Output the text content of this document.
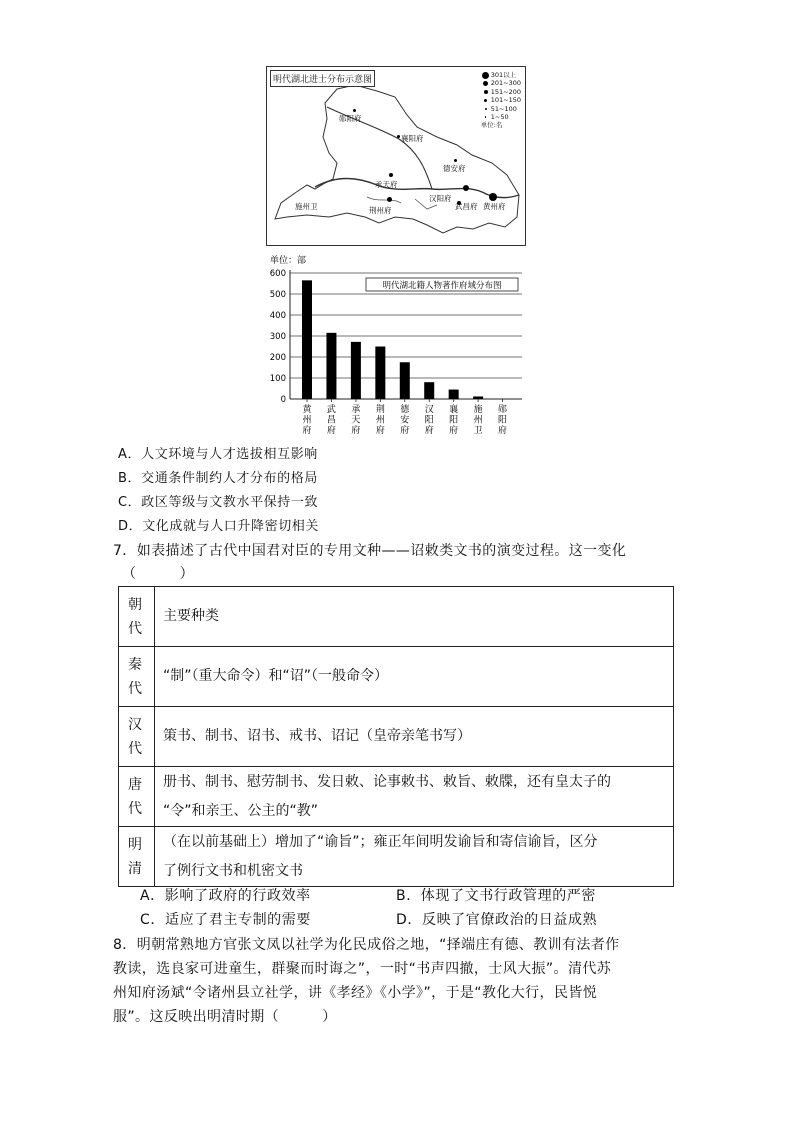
明代湖北进士分布示意图	301以上
201~300
151~200
101~150
51~100
1~50
单位:名
郧阳府
襄阳府
德安府
承天府
汉阳府
武昌府 黄州府
施州卫	荆州府
单位：部
0
100
200
300
400
500
600
明代湖北籍人物著作府域分布图
黄州府
武昌府
承天府
荆州府
德安府
汉阳府
襄阳府
施州卫
郧阳府
A．人文环境与人才选拔相互影响
B．交通条件制约人才分布的格局
C．政区等级与文教水平保持一致
D．文化成就与人口升降密切相关
7．如表描述了古代中国君对臣的专用文种——诏敕类文书的演变过程。这一变化
（　　　）
朝代	主要种类

秦代	“制”（重大命令）和“诏”（一般命令）

汉代	策书、制书、诏书、戒书、诏记（皇帝亲笔书写）

唐代	册书、制书、慰劳制书、发日敕、论事敕书、敕旨、敕牒，还有皇太子的
“令”和亲王、公主的“教”

明清	（在以前基础上）增加了“谕旨”；雍正年间明发谕旨和寄信谕旨，区分
了例行文书和机密文书
A．影响了政府的行政效率	B．体现了文书行政管理的严密
C．适应了君主专制的需要	D．反映了官僚政治的日益成熟
8．明朝常熟地方官张文凤以社学为化民成俗之地，“择端庄有德、教训有法者作
教读，选良家可进童生，群聚而时诲之”，一时“书声四撤，士风大振”。清代苏
州知府汤斌“令诸州县立社学，讲《孝经》《小学》”，于是“教化大行，民皆悦
服”。这反映出明清时期（　　　）
